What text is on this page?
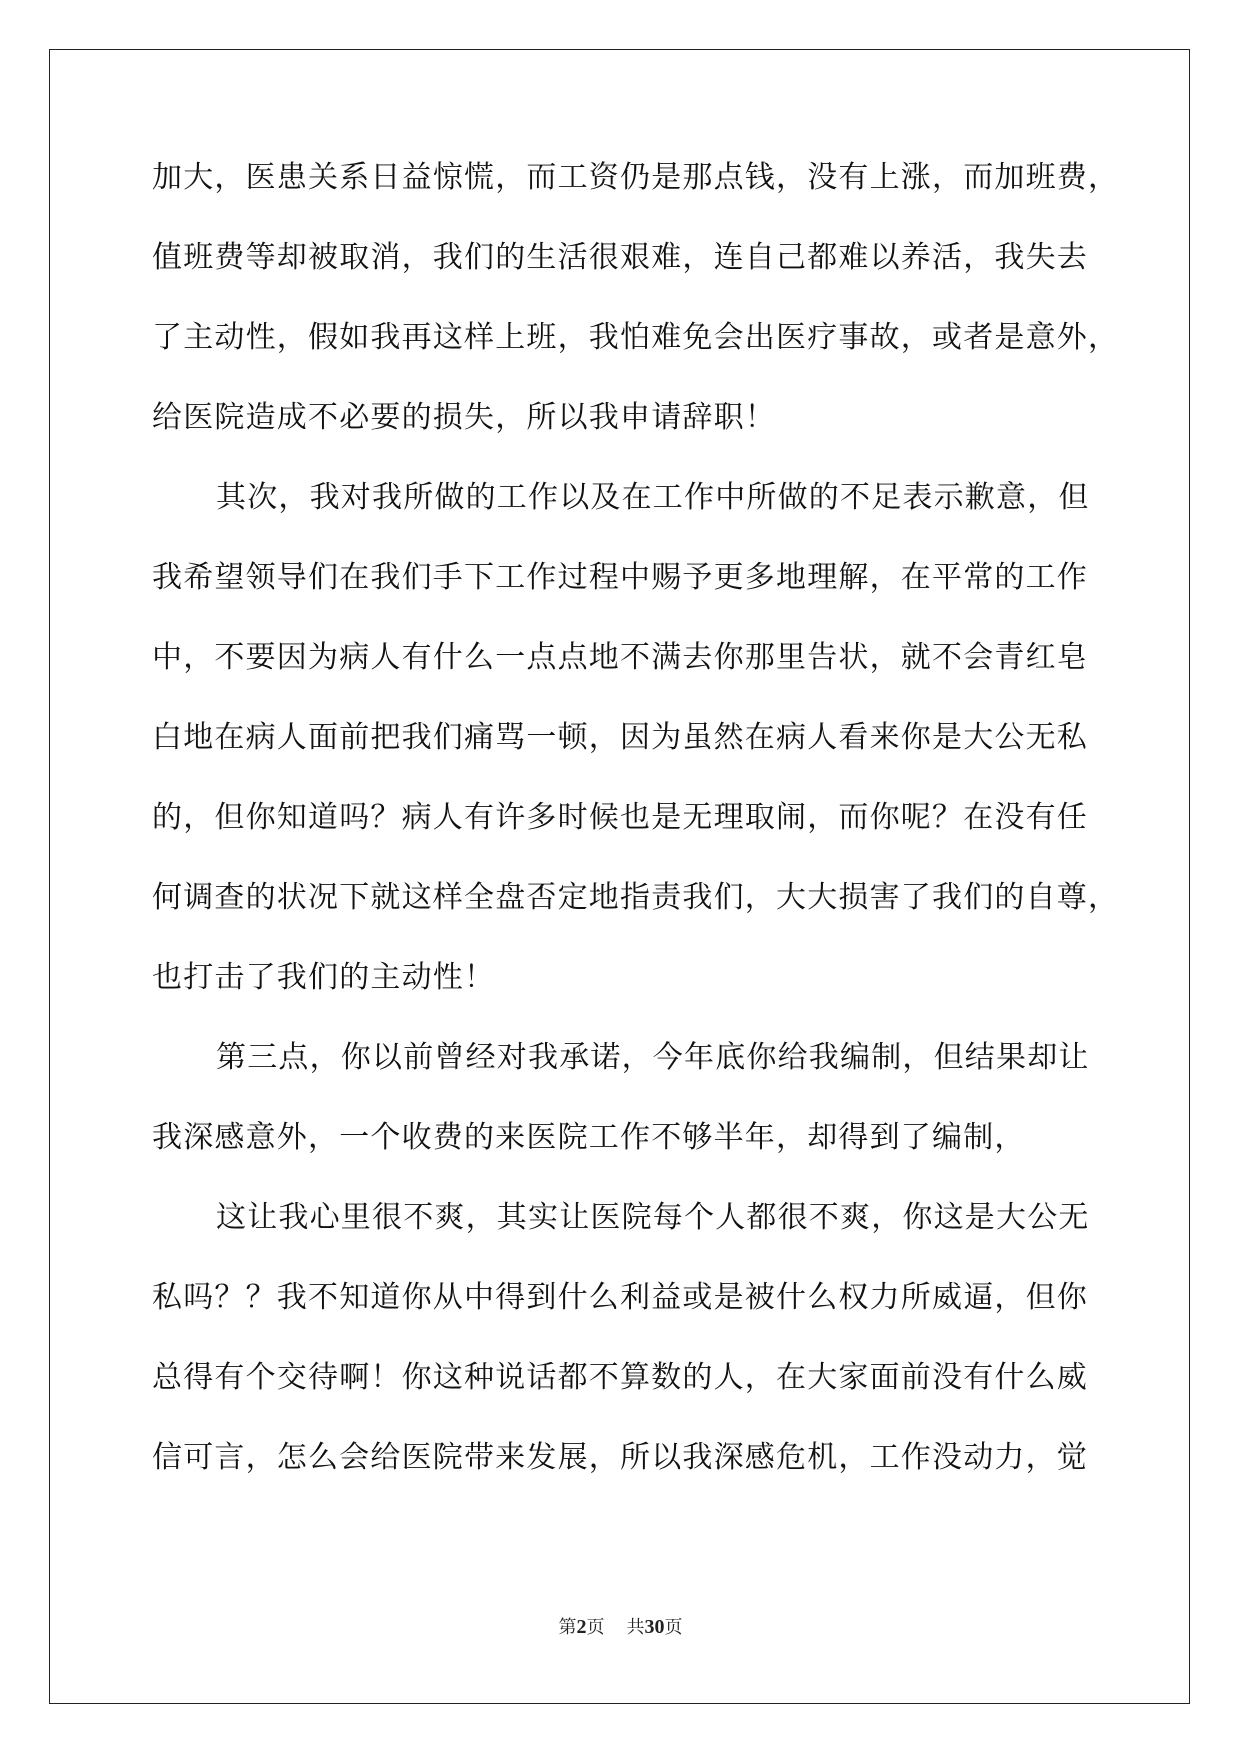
加大，医患关系日益惊慌，而工资仍是那点钱，没有上涨，而加班费，
值班费等却被取消，我们的生活很艰难，连自己都难以养活，我失去
了主动性，假如我再这样上班，我怕难免会出医疗事故，或者是意外，
给医院造成不必要的损失，所以我申请辞职！
其次，我对我所做的工作以及在工作中所做的不足表示歉意，但
我希望领导们在我们手下工作过程中赐予更多地理解，在平常的工作
中，不要因为病人有什么一点点地不满去你那里告状，就不会青红皂
白地在病人面前把我们痛骂一顿，因为虽然在病人看来你是大公无私
的，但你知道吗？病人有许多时候也是无理取闹，而你呢？在没有任
何调查的状况下就这样全盘否定地指责我们，大大损害了我们的自尊，
也打击了我们的主动性！
第三点，你以前曾经对我承诺，今年底你给我编制，但结果却让
我深感意外，一个收费的来医院工作不够半年，却得到了编制，
这让我心里很不爽，其实让医院每个人都很不爽，你这是大公无
私吗？？我不知道你从中得到什么利益或是被什么权力所威逼，但你
总得有个交待啊！你这种说话都不算数的人，在大家面前没有什么威
信可言，怎么会给医院带来发展，所以我深感危机，工作没动力，觉
第2页 共30页
